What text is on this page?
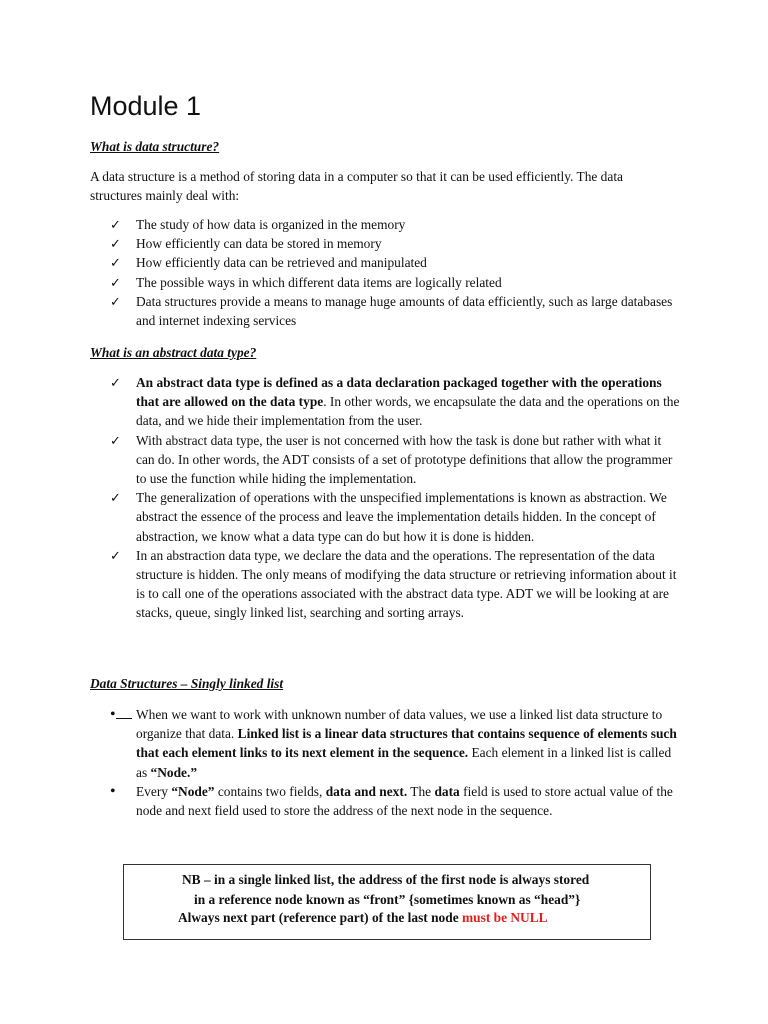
Module 1
What is data structure?
A data structure is a method of storing data in a computer so that it can be used efficiently. The data structures mainly deal with:
✓	The study of how data is organized in the memory
✓	How efficiently can data be stored in memory
✓	How efficiently data can be retrieved and manipulated
✓	The possible ways in which different data items are logically related
✓	Data structures provide a means to manage huge amounts of data efficiently, such as large databases and internet indexing services
What is an abstract data type?
✓	An abstract data type is defined as a data declaration packaged together with the operations that are allowed on the data type. In other words, we encapsulate the data and the operations on the data, and we hide their implementation from the user.
✓	With abstract data type, the user is not concerned with how the task is done but rather with what it can do. In other words, the ADT consists of a set of prototype definitions that allow the programmer to use the function while hiding the implementation.
✓	The generalization of operations with the unspecified implementations is known as abstraction. We abstract the essence of the process and leave the implementation details hidden. In the concept of abstraction, we know what a data type can do but how it is done is hidden.
✓	In an abstraction data type, we declare the data and the operations. The representation of the data structure is hidden. The only means of modifying the data structure or retrieving information about it is to call one of the operations associated with the abstract data type. ADT we will be looking at are stacks, queue, singly linked list, searching and sorting arrays.
Data Structures – Singly linked list
•	When we want to work with unknown number of data values, we use a linked list data structure to organize that data. Linked list is a linear data structures that contains sequence of elements such that each element links to its next element in the sequence. Each element in a linked list is called as “Node.”
•	Every “Node” contains two fields, data and next. The data field is used to store actual value of the node and next field used to store the address of the next node in the sequence.
NB – in a single linked list, the address of the first node is always stored
in a reference node known as “front” {sometimes known as “head”}
Always next part (reference part) of the last node must be NULL
